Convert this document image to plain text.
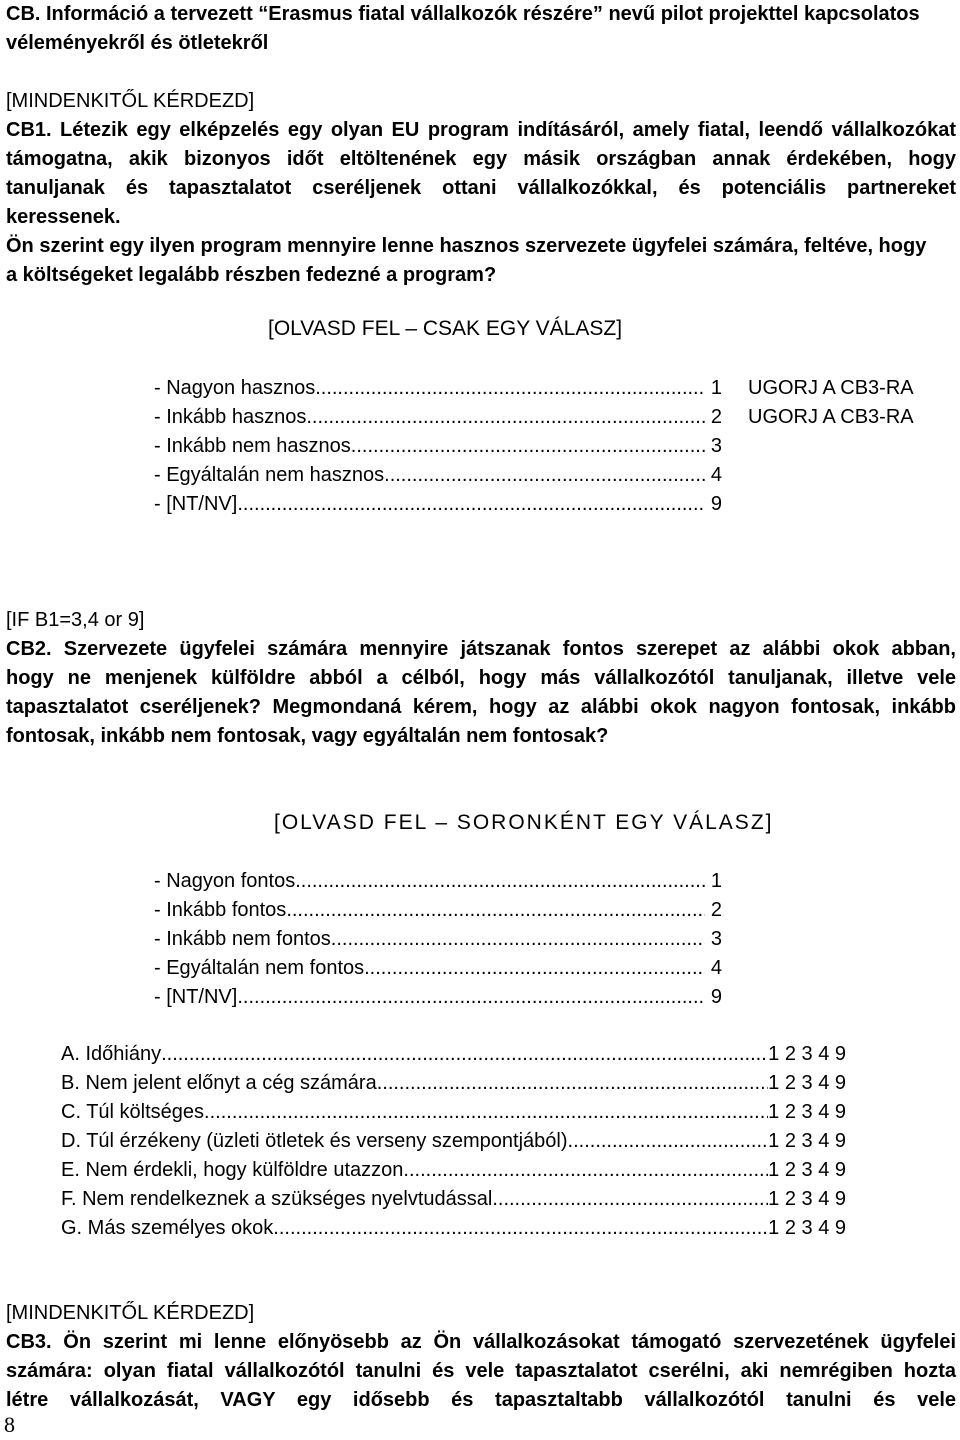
CB. Információ a tervezett “Erasmus fiatal vállalkozók részére” nevű pilot projekttel kapcsolatos
véleményekről és ötletekről
[MINDENKITŐL KÉRDEZD]
CB1. Létezik egy elképzelés egy olyan EU program indításáról, amely fiatal, leendő vállalkozókat
támogatna, akik bizonyos időt eltöltenének egy másik országban annak érdekében, hogy
tanuljanak és tapasztalatot cseréljenek ottani vállalkozókkal, és potenciális partnereket
keressenek.
Ön szerint egy ilyen program mennyire lenne hasznos szervezete ügyfelei számára, feltéve, hogy
a költségeket legalább részben fedezné a program?
[OLVASD FEL – CSAK EGY VÁLASZ]
- Nagyon hasznos .....	1 UGORJ A CB3-RA
- Inkább hasznos .....	2 UGORJ A CB3-RA
- Inkább nem hasznos .....	3
- Egyáltalán nem hasznos .....	4
- [NT/NV] .....	9
[IF B1=3,4 or 9]
CB2. Szervezete ügyfelei számára mennyire játszanak fontos szerepet az alábbi okok abban,
hogy ne menjenek külföldre abból a célból, hogy más vállalkozótól tanuljanak, illetve vele
tapasztalatot cseréljenek? Megmondaná kérem, hogy az alábbi okok nagyon fontosak, inkább
fontosak, inkább nem fontosak, vagy egyáltalán nem fontosak?
[OLVASD FEL – SORONKÉNT EGY VÁLASZ]
- Nagyon fontos .....	1
- Inkább fontos .....	2
- Inkább nem fontos .....	3
- Egyáltalán nem fontos .....	4
- [NT/NV] .....	9
A. Időhiány .....	1 2 3 4 9
B. Nem jelent előnyt a cég számára .....	1 2 3 4 9
C. Túl költséges .....	1 2 3 4 9
D. Túl érzékeny (üzleti ötletek és verseny szempontjából) .....	1 2 3 4 9
E. Nem érdekli, hogy külföldre utazzon .....	1 2 3 4 9
F. Nem rendelkeznek a szükséges nyelvtudással .....	1 2 3 4 9
G. Más személyes okok .....	1 2 3 4 9
[MINDENKITŐL KÉRDEZD]
CB3. Ön szerint mi lenne előnyösebb az Ön vállalkozásokat támogató szervezetének ügyfelei
számára: olyan fiatal vállalkozótól tanulni és vele tapasztalatot cserélni, aki nemrégiben hozta
létre vállalkozását, VAGY egy idősebb és tapasztaltabb vállalkozótól tanulni és vele
8
